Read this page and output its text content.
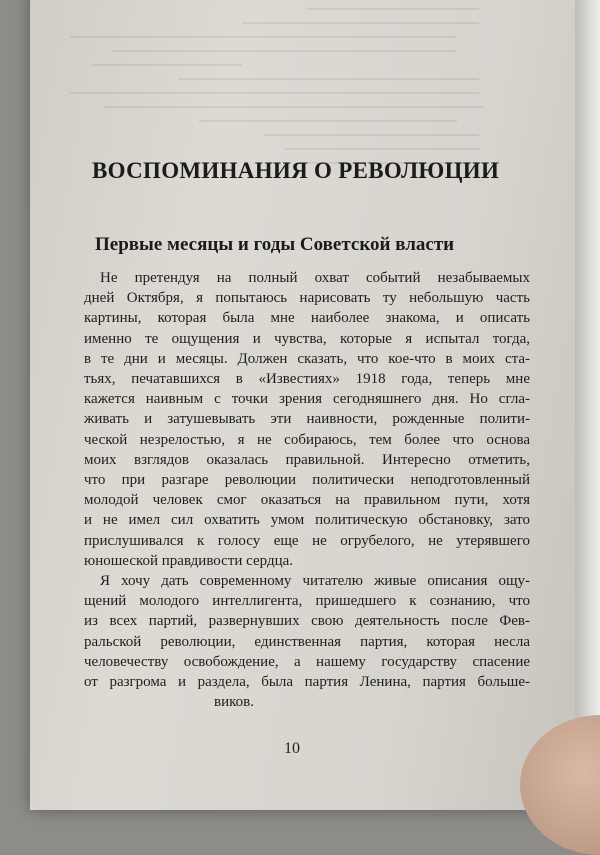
ВОСПОМИНАНИЯ О РЕВОЛЮЦИИ
Первые месяцы и годы Советской власти
Не претендуя на полный охват событий незабываемых
дней Октября, я попытаюсь нарисовать ту небольшую часть
картины, которая была мне наиболее знакома, и описать
именно те ощущения и чувства, которые я испытал тогда,
в те дни и месяцы. Должен сказать, что кое-что в моих ста-
тьях, печатавшихся в «Известиях» 1918 года, теперь мне
кажется наивным с точки зрения сегодняшнего дня. Но сгла-
живать и затушевывать эти наивности, рожденные полити-
ческой незрелостью, я не собираюсь, тем более что основа
моих взглядов оказалась правильной. Интересно отметить,
что при разгаре революции политически неподготовленный
молодой человек смог оказаться на правильном пути, хотя
и не имел сил охватить умом политическую обстановку, зато
прислушивался к голосу еще не огрубелого, не утерявшего
юношеской правдивости сердца.
Я хочу дать современному читателю живые описания ощу-
щений молодого интеллигента, пришедшего к сознанию, что
из всех партий, развернувших свою деятельность после Фев-
ральской революции, единственная партия, которая несла
человечеству освобождение, а нашему государству спасение
от разгрома и раздела, была партия Ленина, партия больше-
виков.
10
